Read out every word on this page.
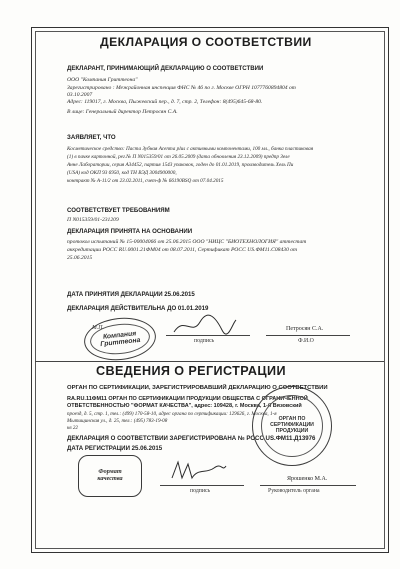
ДЕКЛАРАЦИЯ О СООТВЕТСТВИИ
ДЕКЛАРАНТ, ПРИНИМАЮЩИЙ ДЕКЛАРАЦИЮ О СООТВЕТСТВИИ
ООО "Компания Гриттеона"
Зарегистрировано : Межрайонная инспекция ФНС № 46 по г. Москве ОГРН 1077760894804 от
03.10.2007
Адрес: 119017, г. Москва, Пыжевский пер., д. 7, стр. 2, Телефон: 8(495)645-68-80.
В лице: Генеральный директор Петросян С.А.
ЗАЯВЛЯЕТ, ЧТО
Косметическое средство: Паста Зубная Асепта plus с активными компонентами, 100 мл., банка пластиковая
(1) в пачке картонной, рег.№ П N015359/01 от 26.05.2009 (дата обновления 23.12.2009) предпр Зеле
Анне Лаборатории, серия А34452, партия 1543 упаковок, годен до 01.01.2019, производитель Хель Пи
(USA) код ОКП 93 6950, код ТН ВЭД 3004900000,
контракт № А-11/2 от 23.02.2011, счет-ф № 66190BSQ от 07.04.2015
СООТВЕТСТВУЕТ ТРЕБОВАНИЯМ
П N015359/01-231209
ДЕКЛАРАЦИЯ ПРИНЯТА НА ОСНОВАНИИ
протокол испытаний № 15-00004066 от 25.06.2015 ООО "НИЦС "БИОТЕХНОЛОГИЯ" аттестат
аккредитации РОСС RU.0001.21ФМ04 от 08.07.2011, Сертификат РОСС US.ФМ11.С08430 от
25.06.2015
ДАТА ПРИНЯТИЯ ДЕКЛАРАЦИИ 25.06.2015
ДЕКЛАРАЦИЯ ДЕЙСТВИТЕЛЬНА ДО 01.01.2019
Компания Гриттеона
М.П.
подпись
Петросян С.А.
Ф.И.О
СВЕДЕНИЯ О РЕГИСТРАЦИИ
ОРГАН ПО СЕРТИФИКАЦИИ, ЗАРЕГИСТРИРОВАВШИЙ ДЕКЛАРАЦИЮ О СООТВЕТСТВИИ
RA.RU.11ФМ11 ОРГАН ПО СЕРТИФИКАЦИИ ПРОДУКЦИИ ОБЩЕСТВА С ОГРАНИЧЕННОЙ
ОТВЕТСТВЕННОСТЬЮ "ФОРМАТ КАЧЕСТВА", адрес: 109428, г. Москва, 1-й Вязовский
проезд, д. 5, стр. 1, тел.: (499) 170-58-10, адрес органа по сертификации: 129626, г. Москва, 1-я
Мытищинская ул., д. 25, тел.: (495) 783-19-08
кв 22
ДЕКЛАРАЦИЯ О СООТВЕТСТВИИ ЗАРЕГИСТРИРОВАНА № РОСС US.ФМ11.Д13976
ДАТА РЕГИСТРАЦИИ 25.06.2015
ОРГАН ПО СЕРТИФИКАЦИИ ПРОДУКЦИИ
Формат качества
подпись
Ярошенко М.А.
Руководитель органа
